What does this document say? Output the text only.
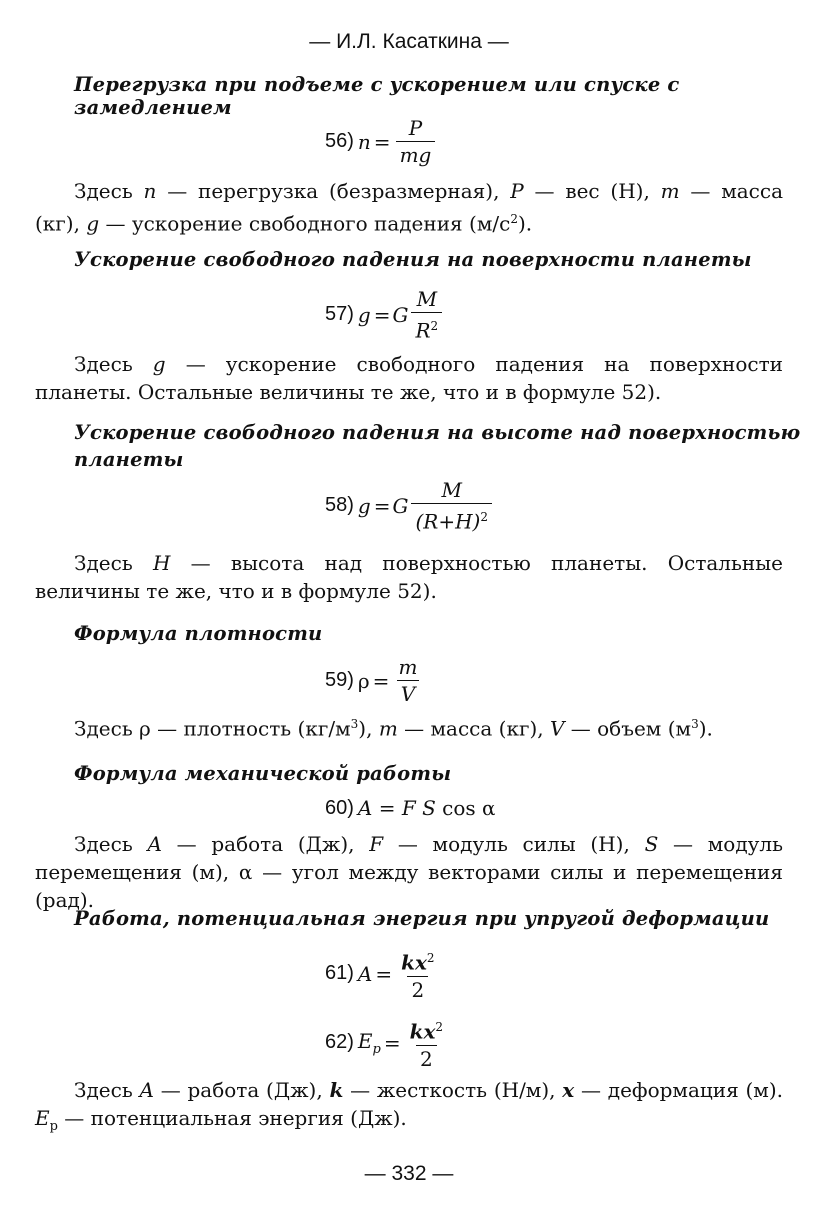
— И.Л. Касаткина —
Перегрузка при подъеме с ускорением или спуске с замедлением
56) $n = \frac{P}{mg}$

Здесь n — перегрузка (безразмерная), P — вес (Н), m — масса (кг), g — ускорение свободного падения $(м/с^2)$.

Ускорение свободного падения на поверхности планеты
57) g = G $\frac{M}{R^2}$

Здесь g — ускорение свободного падения на поверхности планеты. Остальные величины те же, что и в формуле 52).

Ускорение свободного падения на высоте над поверхностью
планеты
58) g = G $\frac{M}{(R+H)^2}$

Здесь H — высота над поверхностью планеты. Остальные величины те же, что и в формуле 52).

Формула плотности
59) $\rho = \frac{m}{V}$

Здесь ρ — плотность $(кг/м^3)$, m — масса (кг), V — объем $(м^3)$.

Формула механической работы
60) A = F S cos α

Здесь A — работа (Дж), F — модуль силы (Н), S — модуль перемещения (м), α — угол между векторами силы и перемещения (рад).

Работа, потенциальная энергия при упругой деформации
61) $A = \frac{kx^2}{2}$
62) $E_p = \frac{kx^2}{2}$

Здесь A — работа (Дж), k — жесткость (Н/м), x — деформация (м). $E_p$ — потенциальная энергия (Дж).

— 332 —
